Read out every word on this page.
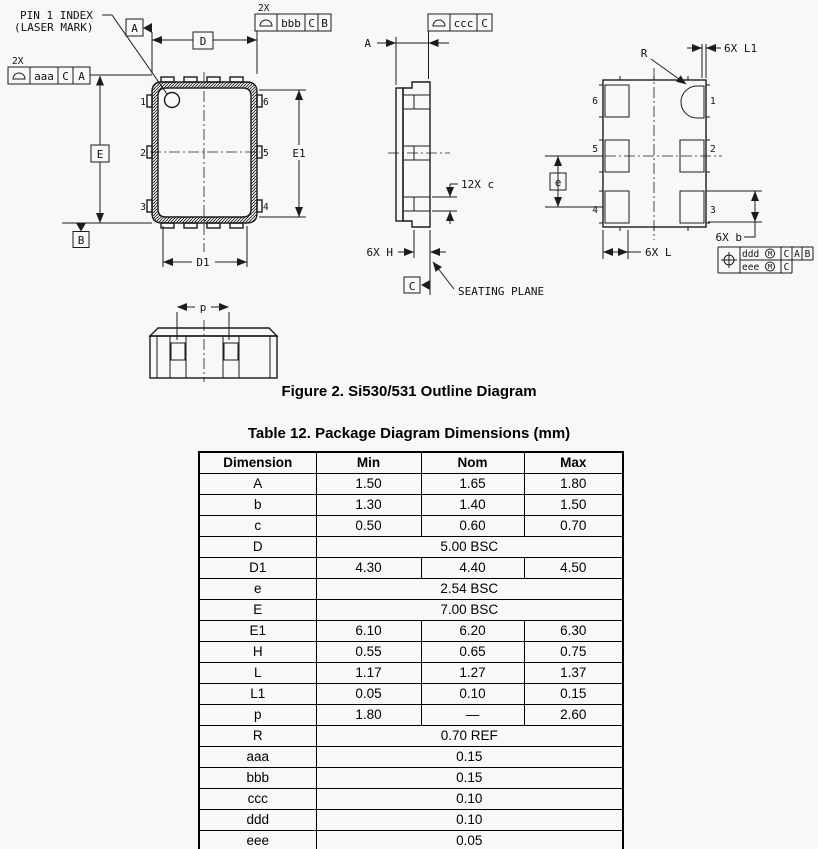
1
2
3
6
5
4
PIN 1 INDEX
(LASER MARK)
D
A
2X
bbb C B
2X
aaa C A
E
B
E1
D1
A
ccc C
12X c
6X H
C	SEATING PLANE
6	1
5	2
4	3
R	6X L1
e
6X L
6X b
ddd M C A B
eee M C
p
Figure 2. Si530/531 Outline Diagram
Table 12. Package Diagram Dimensions (mm)
Dimension	Min	Nom	Max
A	1.50	1.65	1.80
b	1.30	1.40	1.50
c	0.50	0.60	0.70
D	5.00 BSC		
D1	4.30	4.40	4.50
e	2.54 BSC		
E	7.00 BSC		
E1	6.10	6.20	6.30
H	0.55	0.65	0.75
L	1.17	1.27	1.37
L1	0.05	0.10	0.15
p	1.80	—	2.60
R	0.70 REF		
aaa	0.15		
bbb	0.15		
ccc	0.10		
ddd	0.10		
eee	0.05		
